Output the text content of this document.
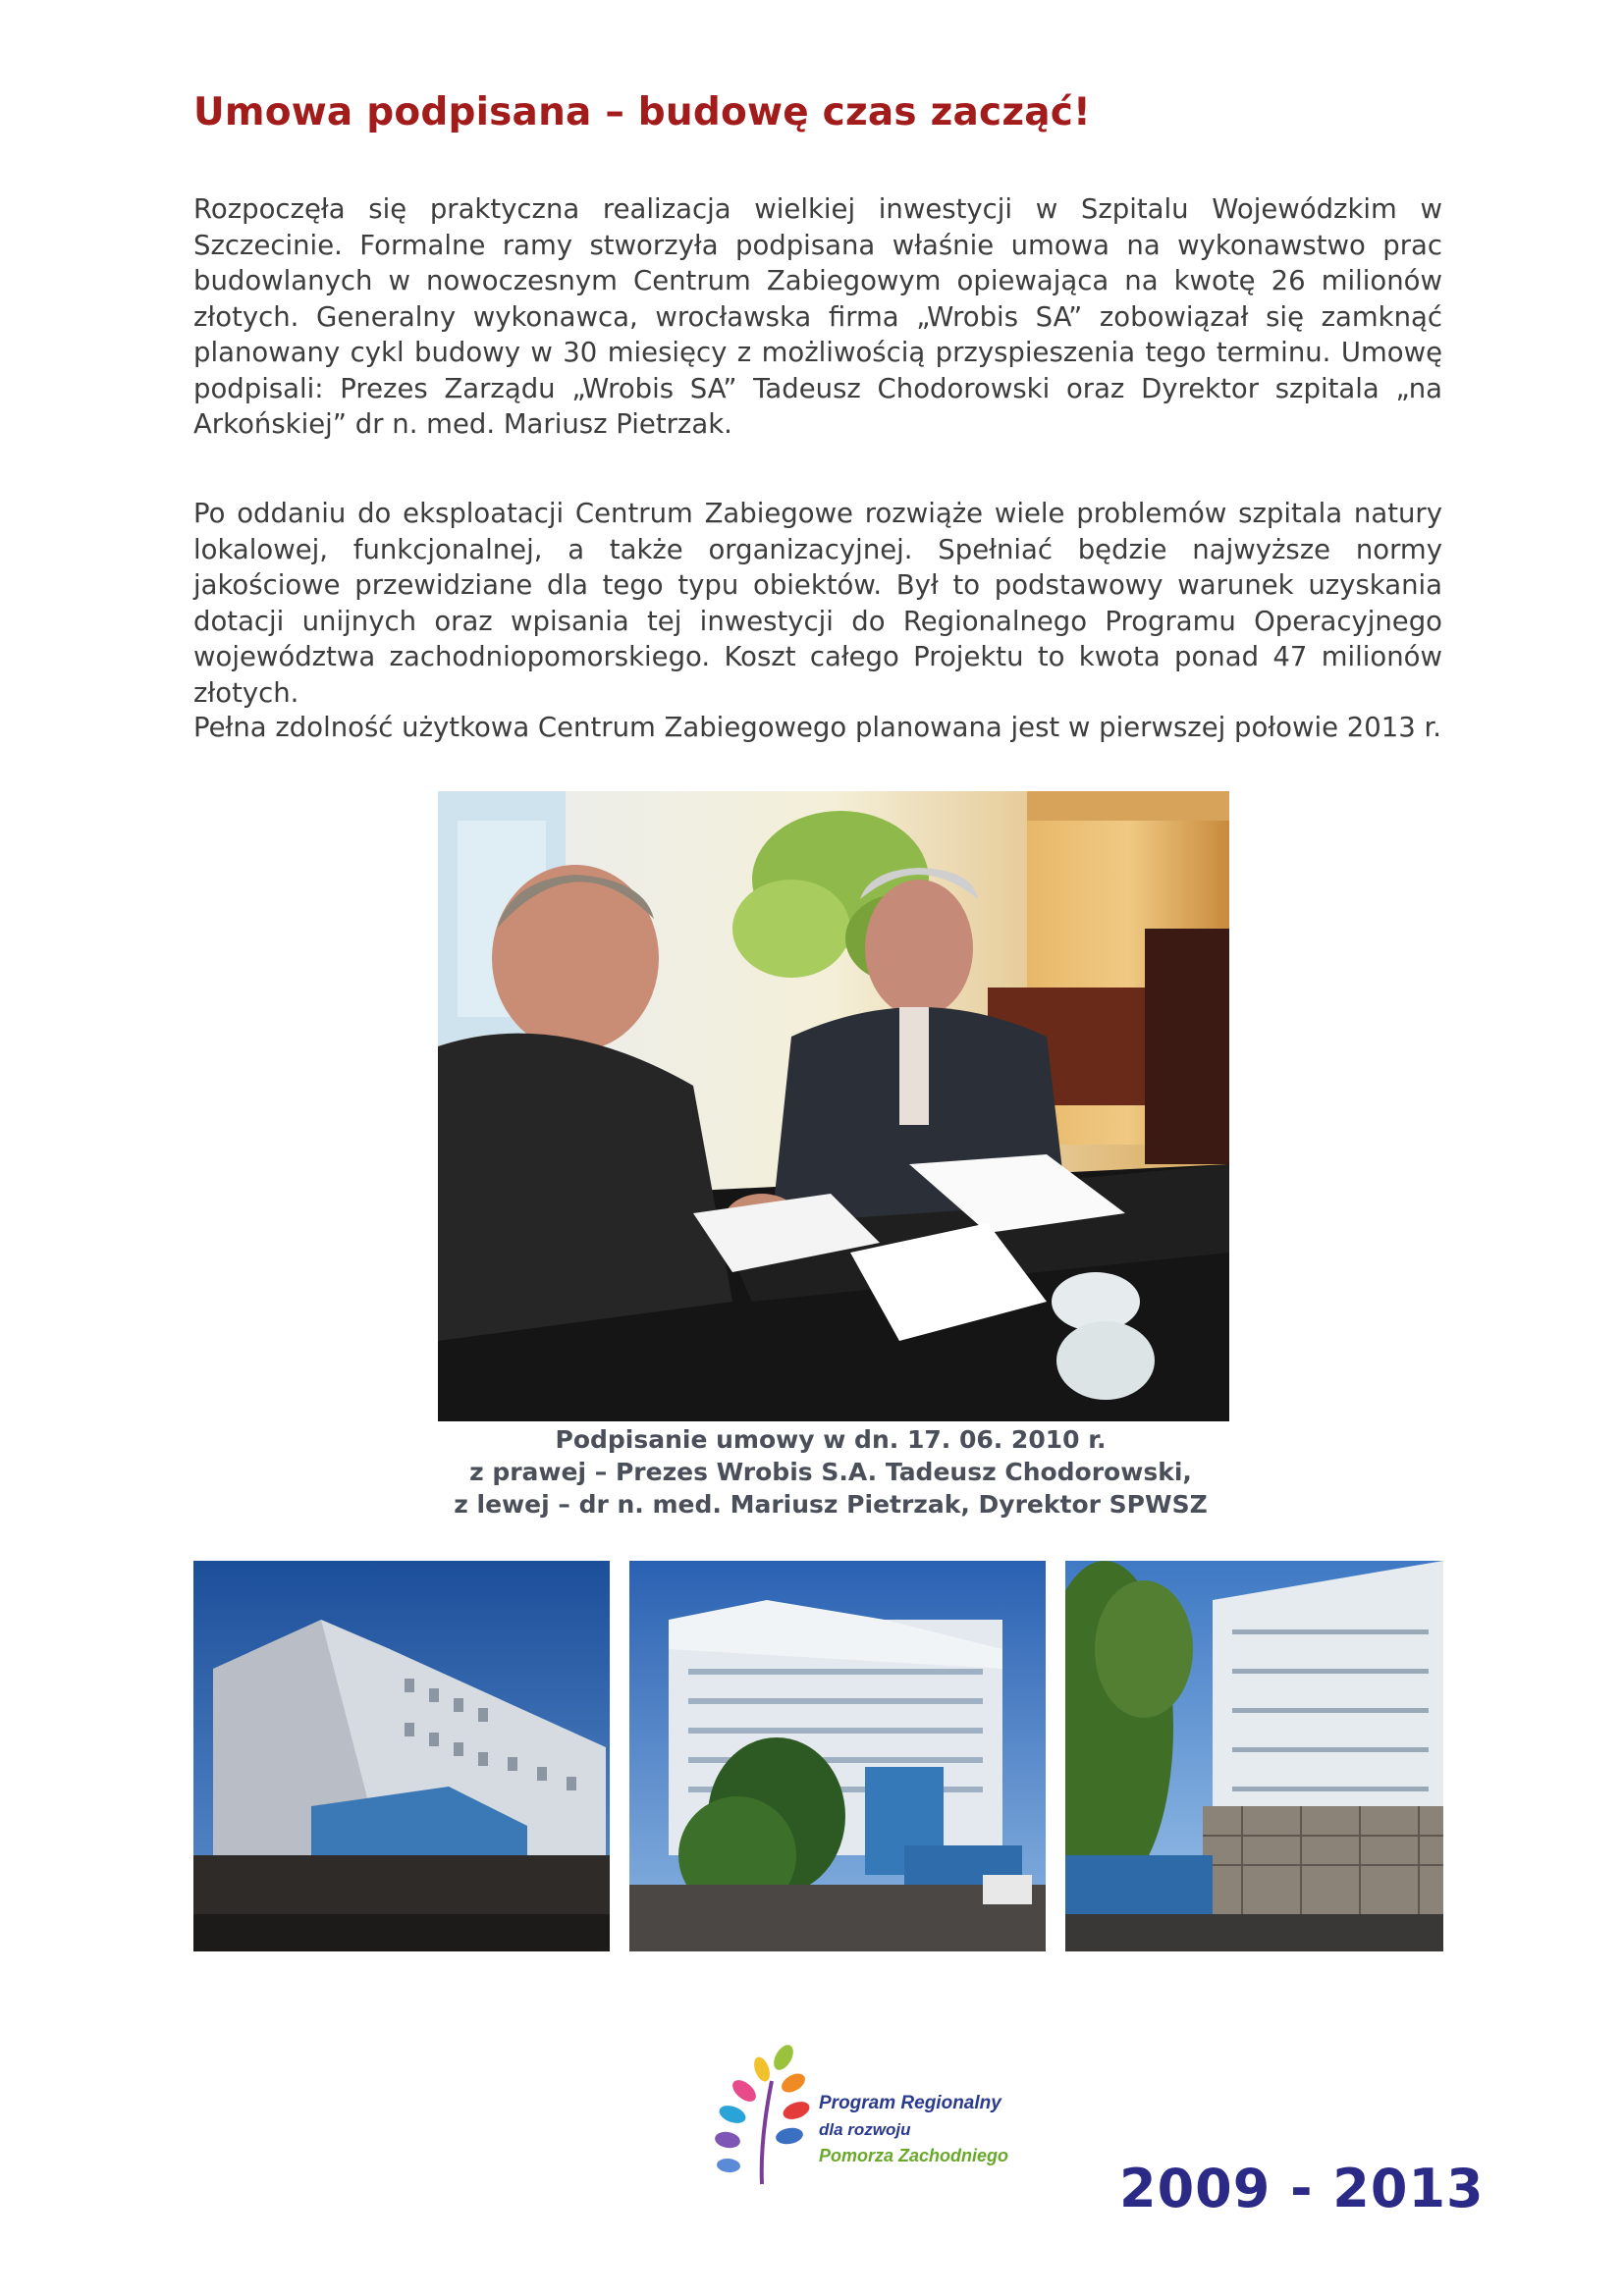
Umowa podpisana – budowę czas zacząć!

Rozpoczęła się praktyczna realizacja wielkiej inwestycji w Szpitalu Wojewódzkim w Szczecinie. Formalne ramy stworzyła podpisana właśnie umowa na wykonawstwo prac budowlanych w nowoczesnym Centrum Zabiegowym opiewająca na kwotę 26 milionów złotych. Generalny wykonawca, wrocławska firma „Wrobis SA” zobowiązał się zamknąć planowany cykl budowy w 30 miesięcy z możliwością przyspieszenia tego terminu. Umowę podpisali: Prezes Zarządu „Wrobis SA” Tadeusz Chodorowski oraz Dyrektor szpitala „na Arkońskiej” dr n. med. Mariusz Pietrzak.

Po oddaniu do eksploatacji Centrum Zabiegowe rozwiąże wiele problemów szpitala natury lokalowej, funkcjonalnej, a także organizacyjnej. Spełniać będzie najwyższe normy jakościowe przewidziane dla tego typu obiektów. Był to podstawowy warunek uzyskania dotacji unijnych oraz wpisania tej inwestycji do Regionalnego Programu Operacyjnego województwa zachodniopomorskiego. Koszt całego Projektu to kwota ponad 47 milionów złotych.

Pełna zdolność użytkowa Centrum Zabiegowego planowana jest w pierwszej połowie 2013 r.
Podpisanie umowy w dn. 17. 06. 2010 r.
z prawej – Prezes Wrobis S.A. Tadeusz Chodorowski,
z lewej – dr n. med. Mariusz Pietrzak, Dyrektor SPWSZ
Program Regionalny
dla rozwoju
Pomorza Zachodniego
2009 - 2013
